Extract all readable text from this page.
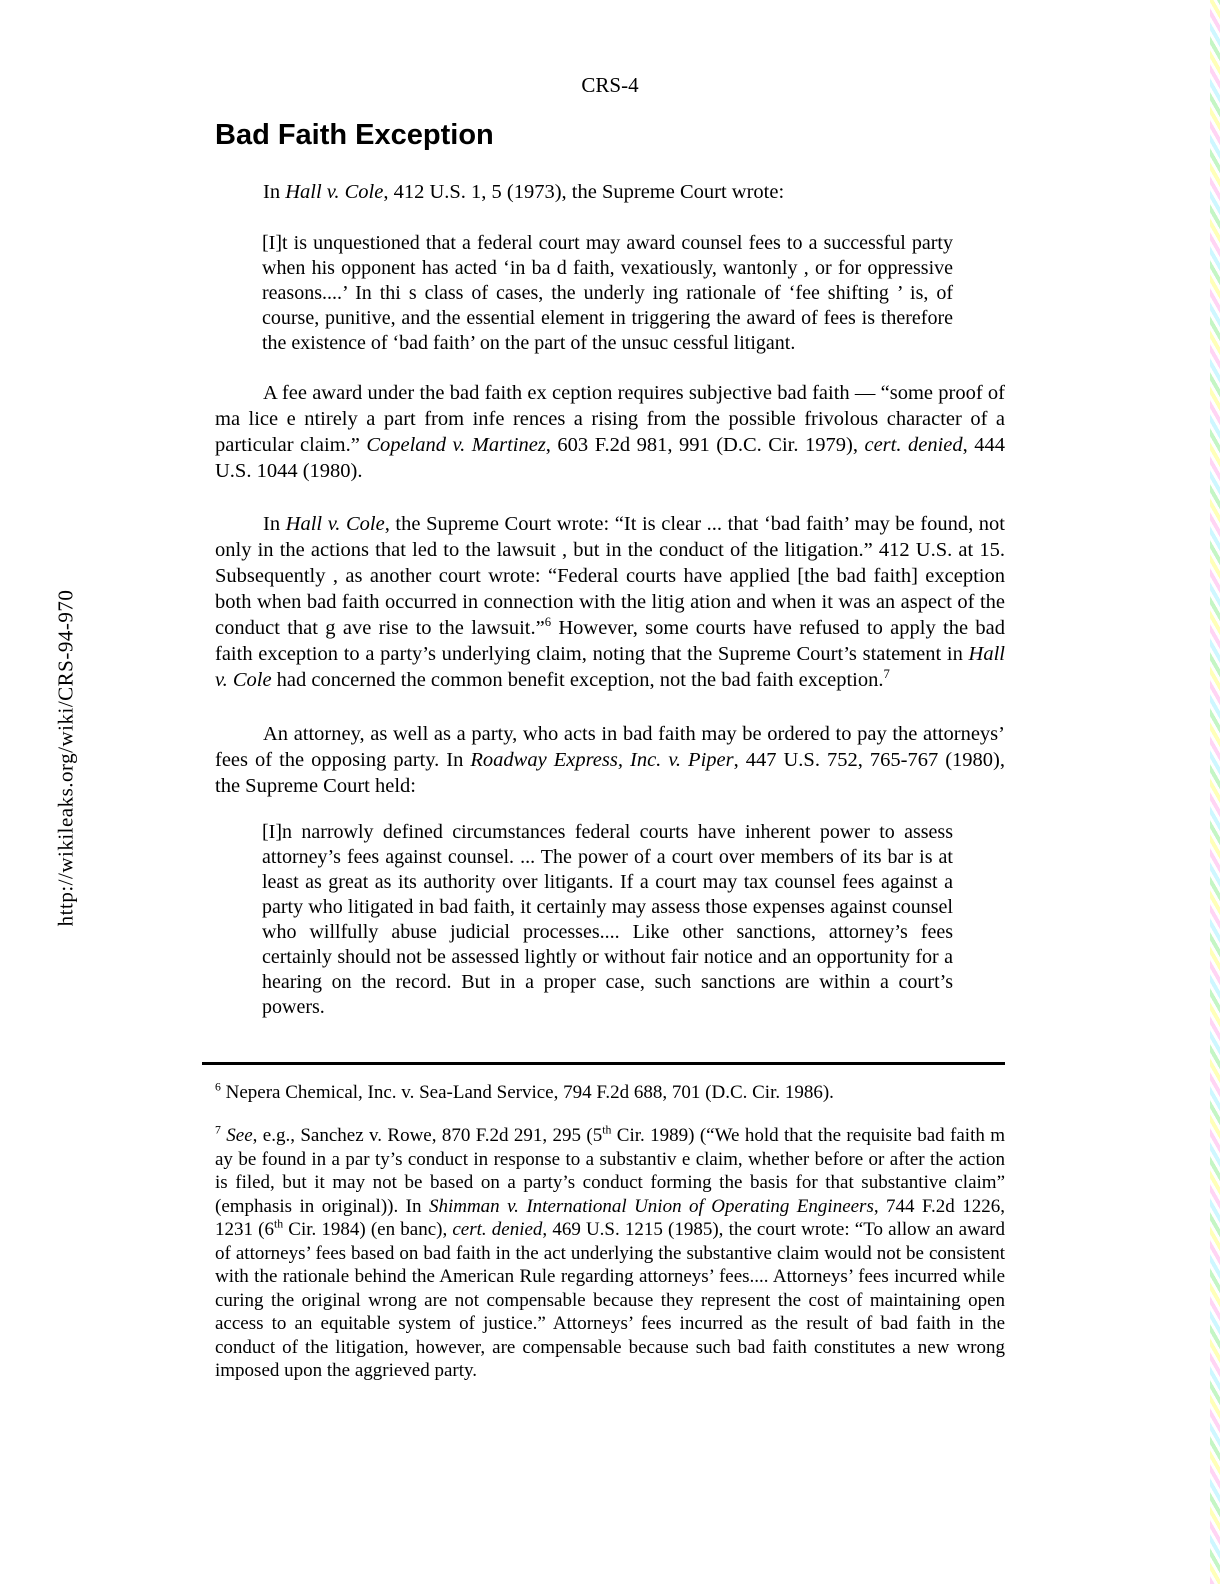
http://wikileaks.org/wiki/CRS-94-970

CRS-4

Bad Faith Exception

In Hall v. Cole, 412 U.S. 1, 5 (1973), the Supreme Court wrote:

[I]t is unquestioned that a federal court may award counsel fees to a successful party when his opponent has acted ‘in ba d faith, vexatiously, wantonly , or for oppressive reasons....’ In thi s class of cases, the underly ing rationale of ‘fee shifting ’ is, of course, punitive, and the essential element in triggering the award of fees is therefore the existence of ‘bad faith’ on the part of the unsuc cessful litigant.

A fee award under the bad faith ex ception requires subjective bad faith — “some proof of ma lice e ntirely a part from infe rences a rising from the possible frivolous character of a particular claim.” Copeland v. Martinez, 603 F.2d 981, 991 (D.C. Cir. 1979), cert. denied, 444 U.S. 1044 (1980).

In Hall v. Cole, the Supreme Court wrote: “It is clear ... that ‘bad faith’ may be found, not only in the actions that led to the lawsuit , but in the conduct of the litigation.” 412 U.S. at 15. Subsequently , as another court wrote: “Federal courts have applied [the bad faith] exception both when bad faith occurred in connection with the litig ation and when it was an aspect of the conduct that g ave rise to the lawsuit.”$^6$ However, some courts have refused to apply the bad faith exception to a party’s underlying claim, noting that the Supreme Court’s statement in Hall v. Cole had concerned the common benefit exception, not the bad faith exception.$^7$

An attorney, as well as a party, who acts in bad faith may be ordered to pay the attorneys’ fees of the opposing party. In Roadway Express, Inc. v. Piper, 447 U.S. 752, 765-767 (1980), the Supreme Court held:

[I]n narrowly defined circumstances federal courts have inherent power to assess attorney’s fees against counsel. ... The power of a court over members of its bar is at least as great as its authority over litigants. If a court may tax counsel fees against a party who litigated in bad faith, it certainly may assess those expenses against counsel who willfully abuse judicial processes.... Like other sanctions, attorney’s fees certainly should not be assessed lightly or without fair notice and an opportunity for a hearing on the record. But in a proper case, such sanctions are within a court’s powers.

$^6$ Nepera Chemical, Inc. v. Sea-Land Service, 794 F.2d 688, 701 (D.C. Cir. 1986).

$^7$ See, e.g., Sanchez v. Rowe, 870 F.2d 291, 295 (5th Cir. 1989) (“We hold that the requisite bad faith m ay be found in a par ty’s conduct in response to a substantiv e claim, whether before or after the action is filed, but it may not be based on a party’s conduct forming the basis for that substantive claim” (emphasis in original)). In Shimman v. International Union of Operating Engineers, 744 F.2d 1226, 1231 (6th Cir. 1984) (en banc), cert. denied, 469 U.S. 1215 (1985), the court wrote: “To allow an award of attorneys’ fees based on bad faith in the act underlying the substantive claim would not be consistent with the rationale behind the American Rule regarding attorneys’ fees.... Attorneys’ fees incurred while curing the original wrong are not compensable because they represent the cost of maintaining open access to an equitable system of justice.” Attorneys’ fees incurred as the result of bad faith in the conduct of the litigation, however, are compensable because such bad faith constitutes a new wrong imposed upon the aggrieved party.
